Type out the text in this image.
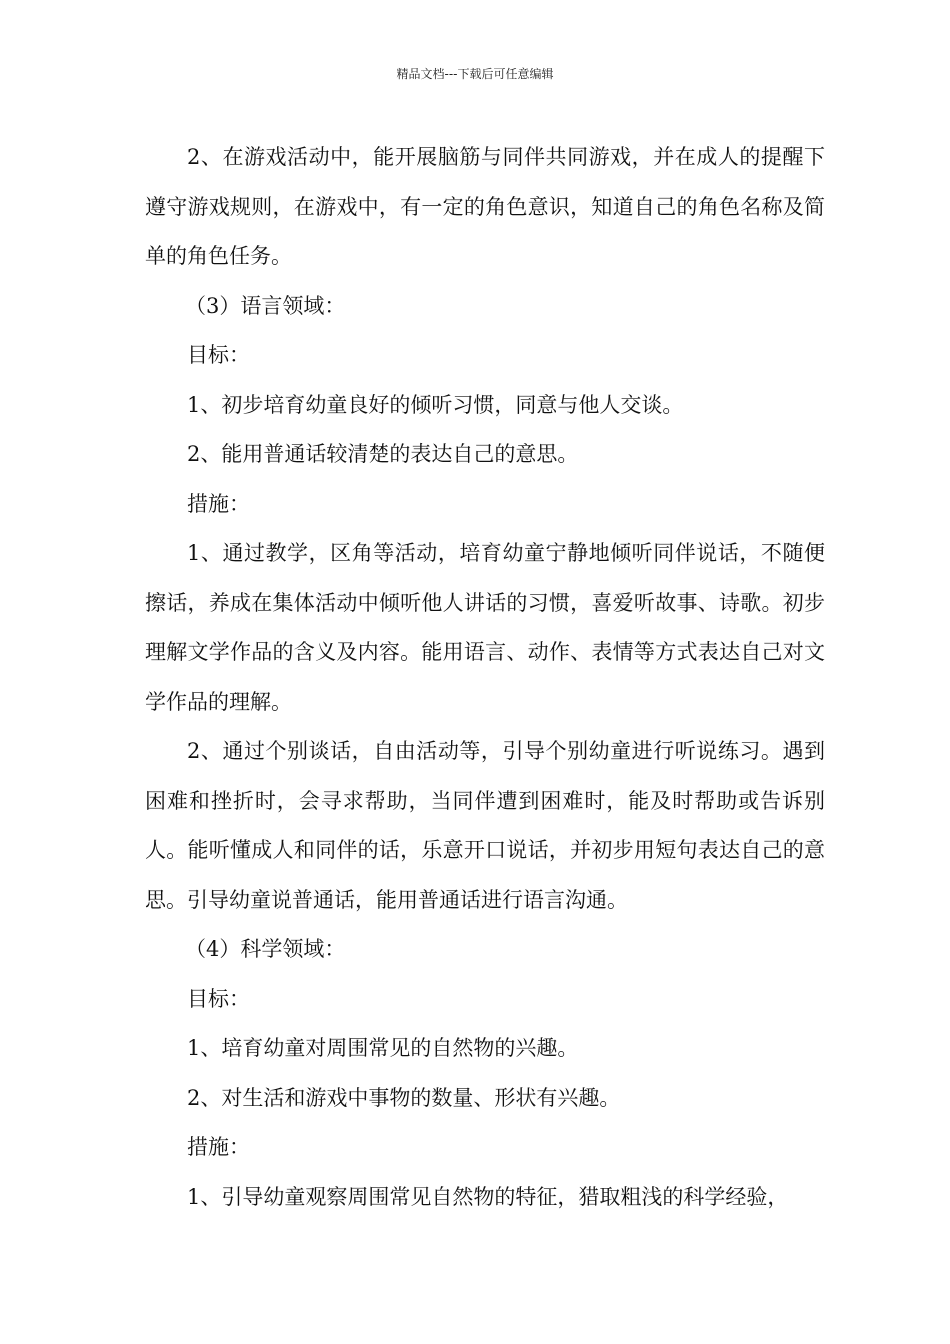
精品文档---下载后可任意编辑

2、在游戏活动中，能开展脑筋与同伴共同游戏，并在成人的提醒下遵守游戏规则，在游戏中，有一定的角色意识，知道自己的角色名称及简单的角色任务。

（3）语言领域：

目标：

1、初步培育幼童良好的倾听习惯，同意与他人交谈。

2、能用普通话较清楚的表达自己的意思。

措施：

1、通过教学，区角等活动，培育幼童宁静地倾听同伴说话，不随便擦话，养成在集体活动中倾听他人讲话的习惯，喜爱听故事、诗歌。初步理解文学作品的含义及内容。能用语言、动作、表情等方式表达自己对文学作品的理解。

2、通过个别谈话，自由活动等，引导个别幼童进行听说练习。遇到困难和挫折时，会寻求帮助，当同伴遭到困难时，能及时帮助或告诉别人。能听懂成人和同伴的话，乐意开口说话，并初步用短句表达自己的意思。引导幼童说普通话，能用普通话进行语言沟通。

（4）科学领域：

目标：

1、培育幼童对周围常见的自然物的兴趣。

2、对生活和游戏中事物的数量、形状有兴趣。

措施：

1、引导幼童观察周围常见自然物的特征，猎取粗浅的科学经验，
